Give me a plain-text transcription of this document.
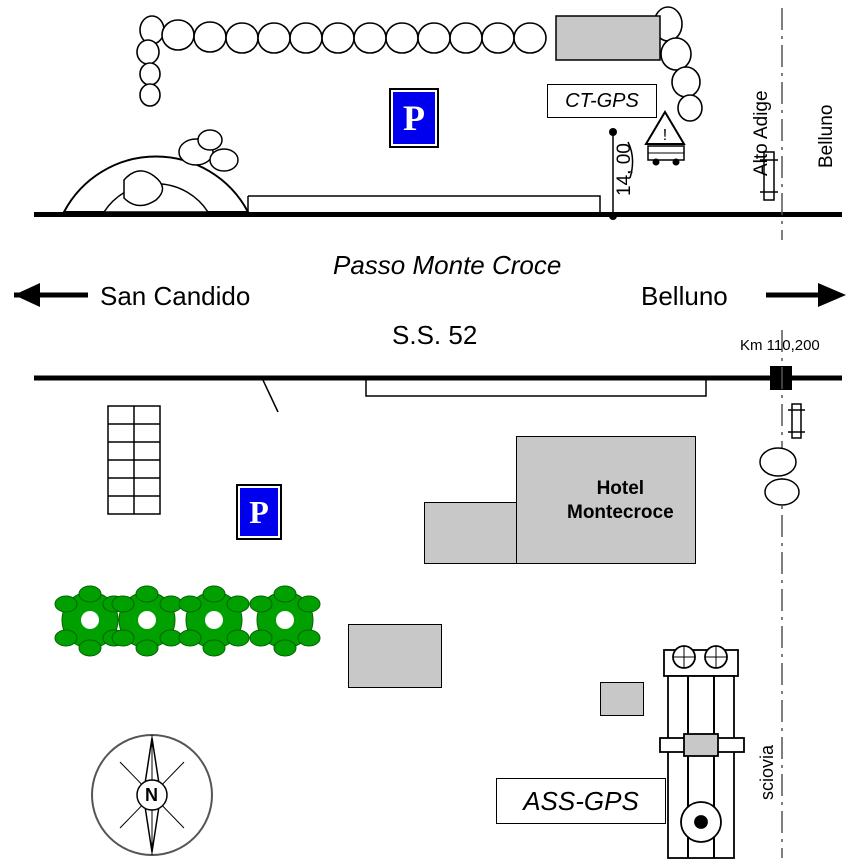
!	Alto Adige Belluno
sciovia
14, 00
CT-GPS
ASS-GPS
P
P
Passo Monte Croce
San Candido	Belluno
S.S. 52	Km 110,200
Hotel
Montecroce
N
